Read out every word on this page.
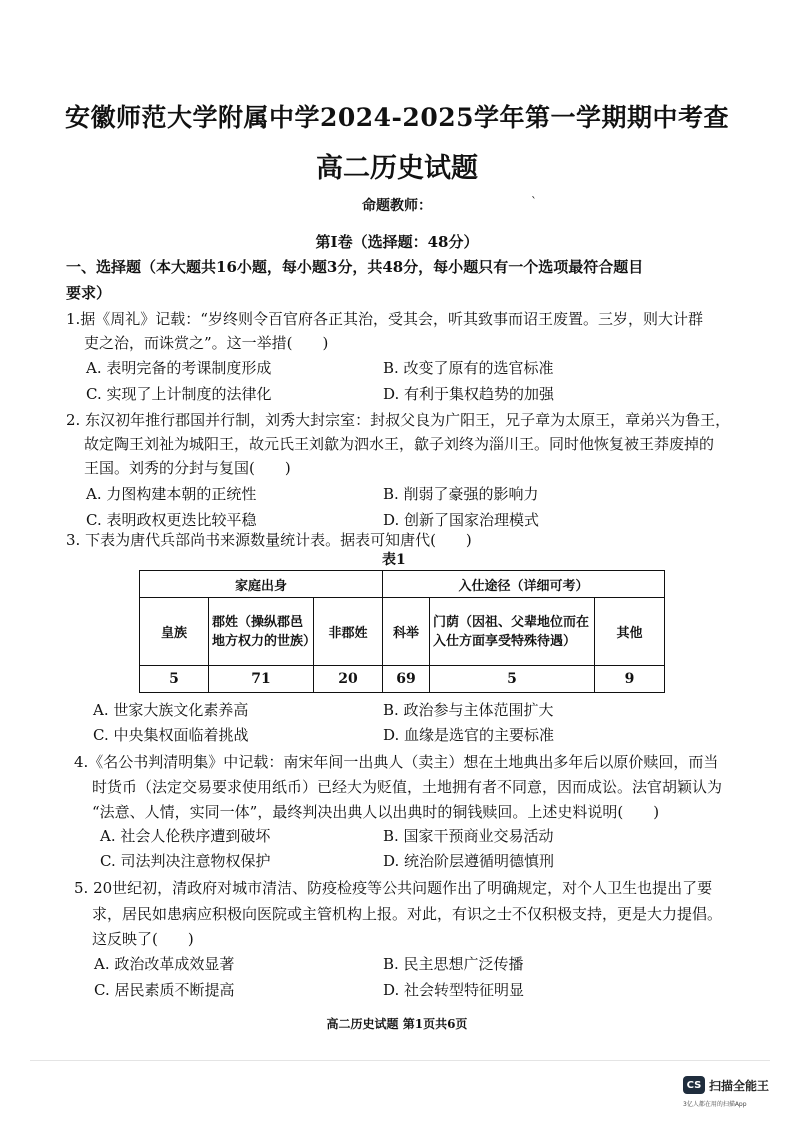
安徽师范大学附属中学2024-2025学年第一学期期中考查
高二历史试题
命题教师：	`
第Ⅰ卷（选择题：48分）
一、选择题（本大题共16小题，每小题3分，共48分，每小题只有一个选项最符合题目
要求）
1.据《周礼》记载：“岁终则令百官府各正其治，受其会，听其致事而诏王废置。三岁，则大计群
吏之治，而诛赏之”。这一举措(　　)
A. 表明完备的考课制度形成	B. 改变了原有的选官标准
C. 实现了上计制度的法律化	D. 有利于集权趋势的加强
2. 东汉初年推行郡国并行制，刘秀大封宗室：封叔父良为广阳王，兄子章为太原王，章弟兴为鲁王，
故定陶王刘祉为城阳王，故元氏王刘歙为泗水王，歙子刘终为淄川王。同时他恢复被王莽废掉的
王国。刘秀的分封与复国(　　)
A. 力图构建本朝的正统性	B. 削弱了豪强的影响力
C. 表明政权更迭比较平稳	D. 创新了国家治理模式
3. 下表为唐代兵部尚书来源数量统计表。据表可知唐代(　　)
表1
家庭出身			入仕途径（详细可考）		
皇族	郡姓（操纵郡邑地方权力的世族）	非郡姓	科举	门荫（因祖、父辈地位而在入仕方面享受特殊待遇）	其他
5	71	20	69	5	9
A. 世家大族文化素养高	B. 政治参与主体范围扩大
C. 中央集权面临着挑战	D. 血缘是选官的主要标准
4.《名公书判清明集》中记载：南宋年间一出典人（卖主）想在土地典出多年后以原价赎回，而当
时货币（法定交易要求使用纸币）已经大为贬值，土地拥有者不同意，因而成讼。法官胡颖认为
“法意、人情，实同一体”，最终判决出典人以出典时的铜钱赎回。上述史料说明(　　)
A. 社会人伦秩序遭到破坏	B. 国家干预商业交易活动
C. 司法判决注意物权保护	D. 统治阶层遵循明德慎刑
5. 20世纪初，清政府对城市清洁、防疫检疫等公共问题作出了明确规定，对个人卫生也提出了要
求，居民如患病应积极向医院或主管机构上报。对此，有识之士不仅积极支持，更是大力提倡。
这反映了(　　)
A. 政治改革成效显著	B. 民主思想广泛传播
C. 居民素质不断提高	D. 社会转型特征明显
高二历史试题 第1页共6页
CS 扫描全能王
3亿人都在用的扫描App
